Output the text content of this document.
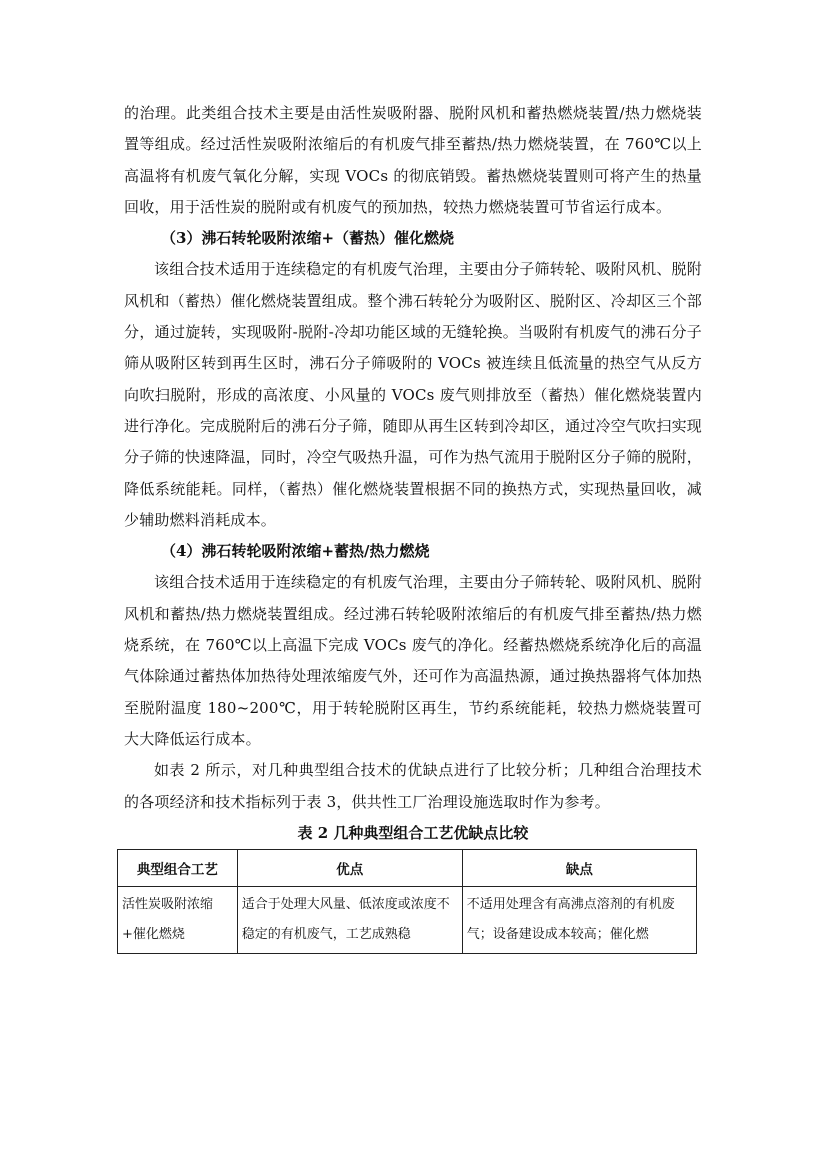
的治理。此类组合技术主要是由活性炭吸附器、脱附风机和蓄热燃烧装置/热力燃烧装置等组成。经过活性炭吸附浓缩后的有机废气排至蓄热/热力燃烧装置，在 760℃以上高温将有机废气氧化分解，实现 VOCs 的彻底销毁。蓄热燃烧装置则可将产生的热量回收，用于活性炭的脱附或有机废气的预加热，较热力燃烧装置可节省运行成本。

（3）沸石转轮吸附浓缩+（蓄热）催化燃烧

该组合技术适用于连续稳定的有机废气治理，主要由分子筛转轮、吸附风机、脱附风机和（蓄热）催化燃烧装置组成。整个沸石转轮分为吸附区、脱附区、冷却区三个部分，通过旋转，实现吸附-脱附-冷却功能区域的无缝轮换。当吸附有机废气的沸石分子筛从吸附区转到再生区时，沸石分子筛吸附的 VOCs 被连续且低流量的热空气从反方向吹扫脱附，形成的高浓度、小风量的 VOCs 废气则排放至（蓄热）催化燃烧装置内进行净化。完成脱附后的沸石分子筛，随即从再生区转到冷却区，通过冷空气吹扫实现分子筛的快速降温，同时，冷空气吸热升温，可作为热气流用于脱附区分子筛的脱附，降低系统能耗。同样，（蓄热）催化燃烧装置根据不同的换热方式，实现热量回收，减少辅助燃料消耗成本。

（4）沸石转轮吸附浓缩+蓄热/热力燃烧

该组合技术适用于连续稳定的有机废气治理，主要由分子筛转轮、吸附风机、脱附风机和蓄热/热力燃烧装置组成。经过沸石转轮吸附浓缩后的有机废气排至蓄热/热力燃烧系统，在 760℃以上高温下完成 VOCs 废气的净化。经蓄热燃烧系统净化后的高温气体除通过蓄热体加热待处理浓缩废气外，还可作为高温热源，通过换热器将气体加热至脱附温度 180~200℃，用于转轮脱附区再生，节约系统能耗，较热力燃烧装置可大大降低运行成本。

如表 2 所示，对几种典型组合技术的优缺点进行了比较分析；几种组合治理技术的各项经济和技术指标列于表 3，供共性工厂治理设施选取时作为参考。

表 2 几种典型组合工艺优缺点比较

典型组合工艺	优点	缺点
活性炭吸附浓缩+催化燃烧	适合于处理大风量、低浓度或浓度不稳定的有机废气，工艺成熟稳	不适用处理含有高沸点溶剂的有机废气；设备建设成本较高；催化燃
